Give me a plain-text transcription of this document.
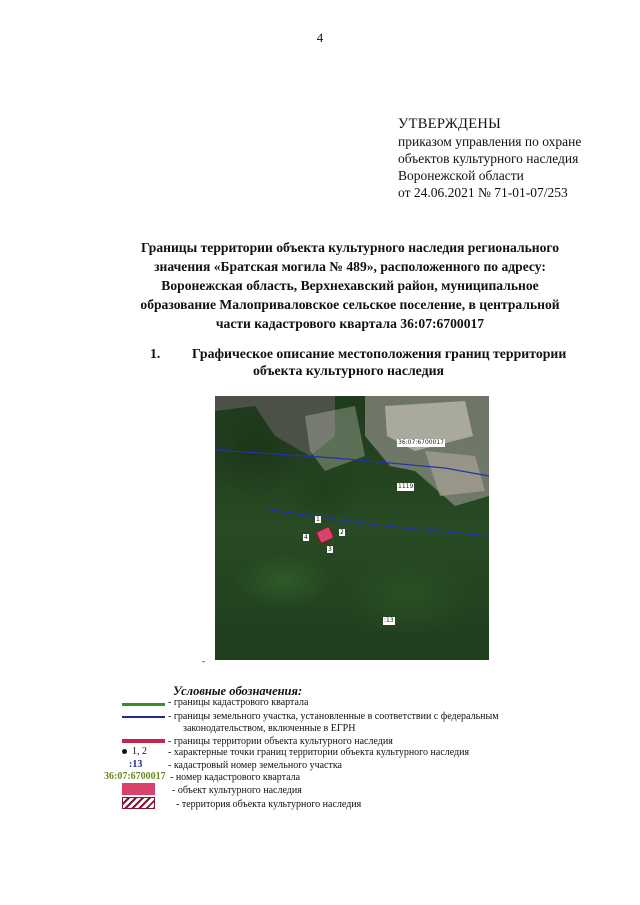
4
УТВЕРЖДЕНЫ
приказом управления по охране
объектов культурного наследия
Воронежской области
от 24.06.2021 № 71-01-07/253
Границы территории объекта культурного наследия регионального
значения «Братская могила № 489», расположенного по адресу:
Воронежская область, Верхнехавский район, муниципальное
образование Малоприваловское сельское поселение, в центральной
части кадастрового квартала 36:07:6700017
1. Графическое описание местоположения границ территории
объекта культурного наследия
36:07:6700017
1119
:13
1
2
3
4
-
Условные обозначения:
- границы кадастрового квартала
- границы земельного участка, установленные в соответствии с федеральным
законодательством, включенные в ЕГРН
- границы территории объекта культурного наследия
1, 2 - характерные точки границ территории объекта культурного наследия
:13	- кадастровый номер земельного участка
36:07:6700017 - номер кадастрового квартала
- объект культурного наследия
- территория объекта культурного наследия
